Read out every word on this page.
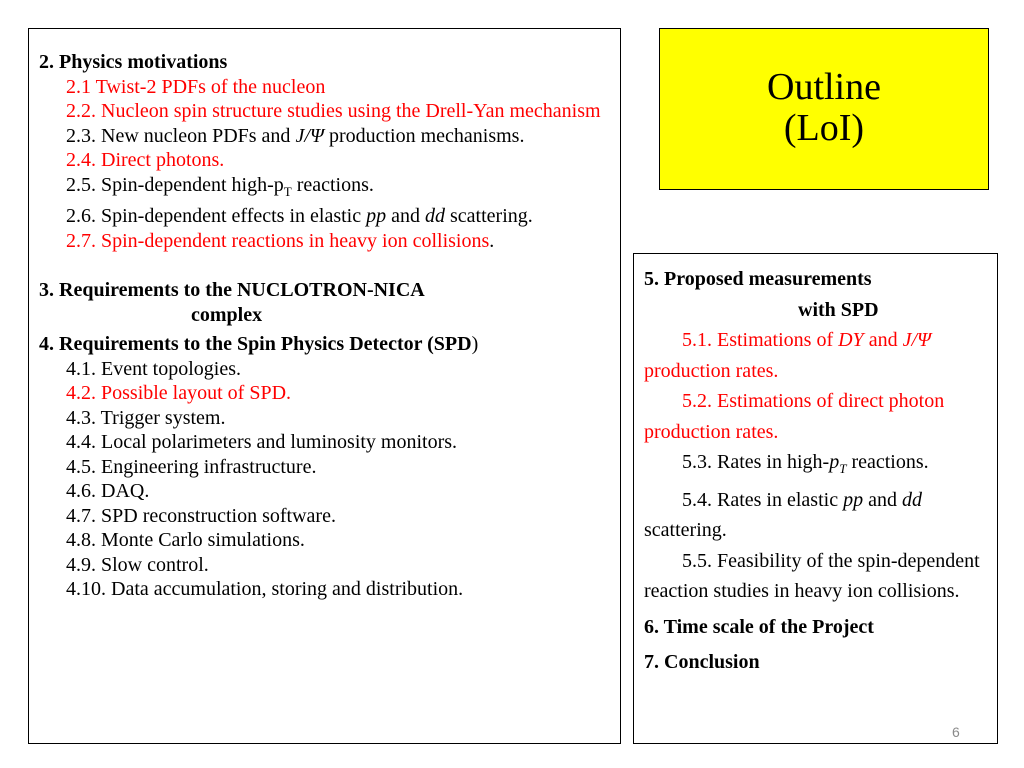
2. Physics motivations

2.1 Twist-2 PDFs of the nucleon

2.2. Nucleon spin structure studies using the Drell-Yan mechanism

2.3. New nucleon PDFs and J/Ψ production mechanisms.

2.4. Direct photons.

2.5. Spin-dependent high-$p_T$ reactions.

2.6. Spin-dependent effects in elastic pp and dd scattering.

2.7. Spin-dependent reactions in heavy ion collisions.

3. Requirements to the NUCLOTRON-NICA

complex

4. Requirements to the Spin Physics Detector (SPD)

4.1. Event topologies.

4.2. Possible layout of SPD.

4.3. Trigger system.

4.4. Local polarimeters and luminosity monitors.

4.5. Engineering infrastructure.

4.6. DAQ.

4.7. SPD reconstruction software.

4.8. Monte Carlo simulations.

4.9. Slow control.

4.10. Data accumulation, storing and distribution.

Outline

(LoI)

5. Proposed measurements

with SPD

5.1. Estimations of DY and J/Ψ production rates.

5.2. Estimations of direct photon production rates.

5.3. Rates in high-$p_T$ reactions.

5.4. Rates in elastic pp and dd scattering.

5.5. Feasibility of the spin-dependent reaction studies in heavy ion collisions.

6. Time scale of the Project

7. Conclusion

6
